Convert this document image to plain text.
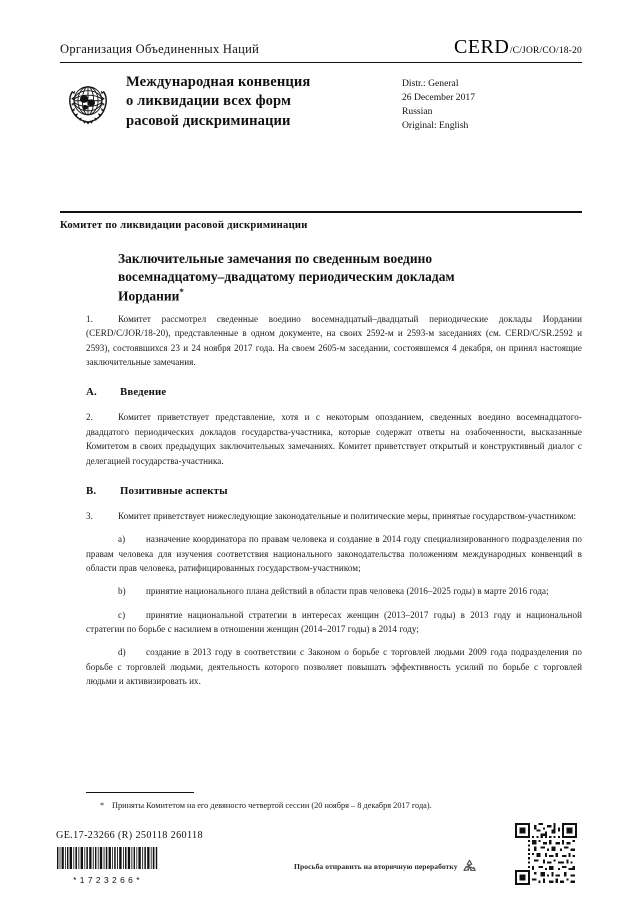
Организация Объединенных Наций	CERD /C/JOR/CO/18-20
Международная конвенция
о ликвидации всех форм
расовой дискриминации
Distr.: General
26 December 2017
Russian
Original: English
Комитет по ликвидации расовой дискриминации
Заключительные замечания по сведенным воедино
восемнадцатому–двадцатому периодическим докладам
Иордании*

1.	Комитет рассмотрел сведенные воедино восемнадцатый–двадцатый периодические доклады Иордании (CERD/C/JOR/18-20), представленные в одном документе, на своих 2592-м и 2593-м заседаниях (см. CERD/C/SR.2592 и 2593), состоявшихся 23 и 24 ноября 2017 года. На своем 2605-м заседании, состоявшемся 4 декабря, он принял настоящие заключительные замечания.

A. Введение

2.	Комитет приветствует представление, хотя и с некоторым опозданием, сведенных воедино восемнадцатого-двадцатого периодических докладов государства-участника, которые содержат ответы на озабоченности, высказанные Комитетом в своих предыдущих заключительных замечаниях. Комитет приветствует открытый и конструктивный диалог с делегацией государства-участника.

B. Позитивные аспекты

3.	Комитет приветствует нижеследующие законодательные и политические меры, принятые государством-участником:

a) назначение координатора по правам человека и создание в 2014 году специализированного подразделения по правам человека для изучения соответствия национального законодательства положениям международных конвенций в области прав человека, ратифицированных государством-участником;

b) принятие национального плана действий в области прав человека (2016–2025 годы) в марте 2016 года;

c) принятие национальной стратегии в интересах женщин (2013–2017 годы) в 2013 году и национальной стратегии по борьбе с насилием в отношении женщин (2014–2017 годы) в 2014 году;

d) создание в 2013 году в соответствии с Законом о борьбе с торговлей людьми 2009 года подразделения по борьбе с торговлей людьми, деятельность которого позволяет повышать эффективность усилий по борьбе с торговлей людьми и активизировать их.

* Приняты Комитетом на его девяносто четвертой сессии (20 ноября – 8 декабря 2017 года).
GE.17-23266 (R) 250118 260118
*1723266*
Просьба отправить на вторичную переработку
